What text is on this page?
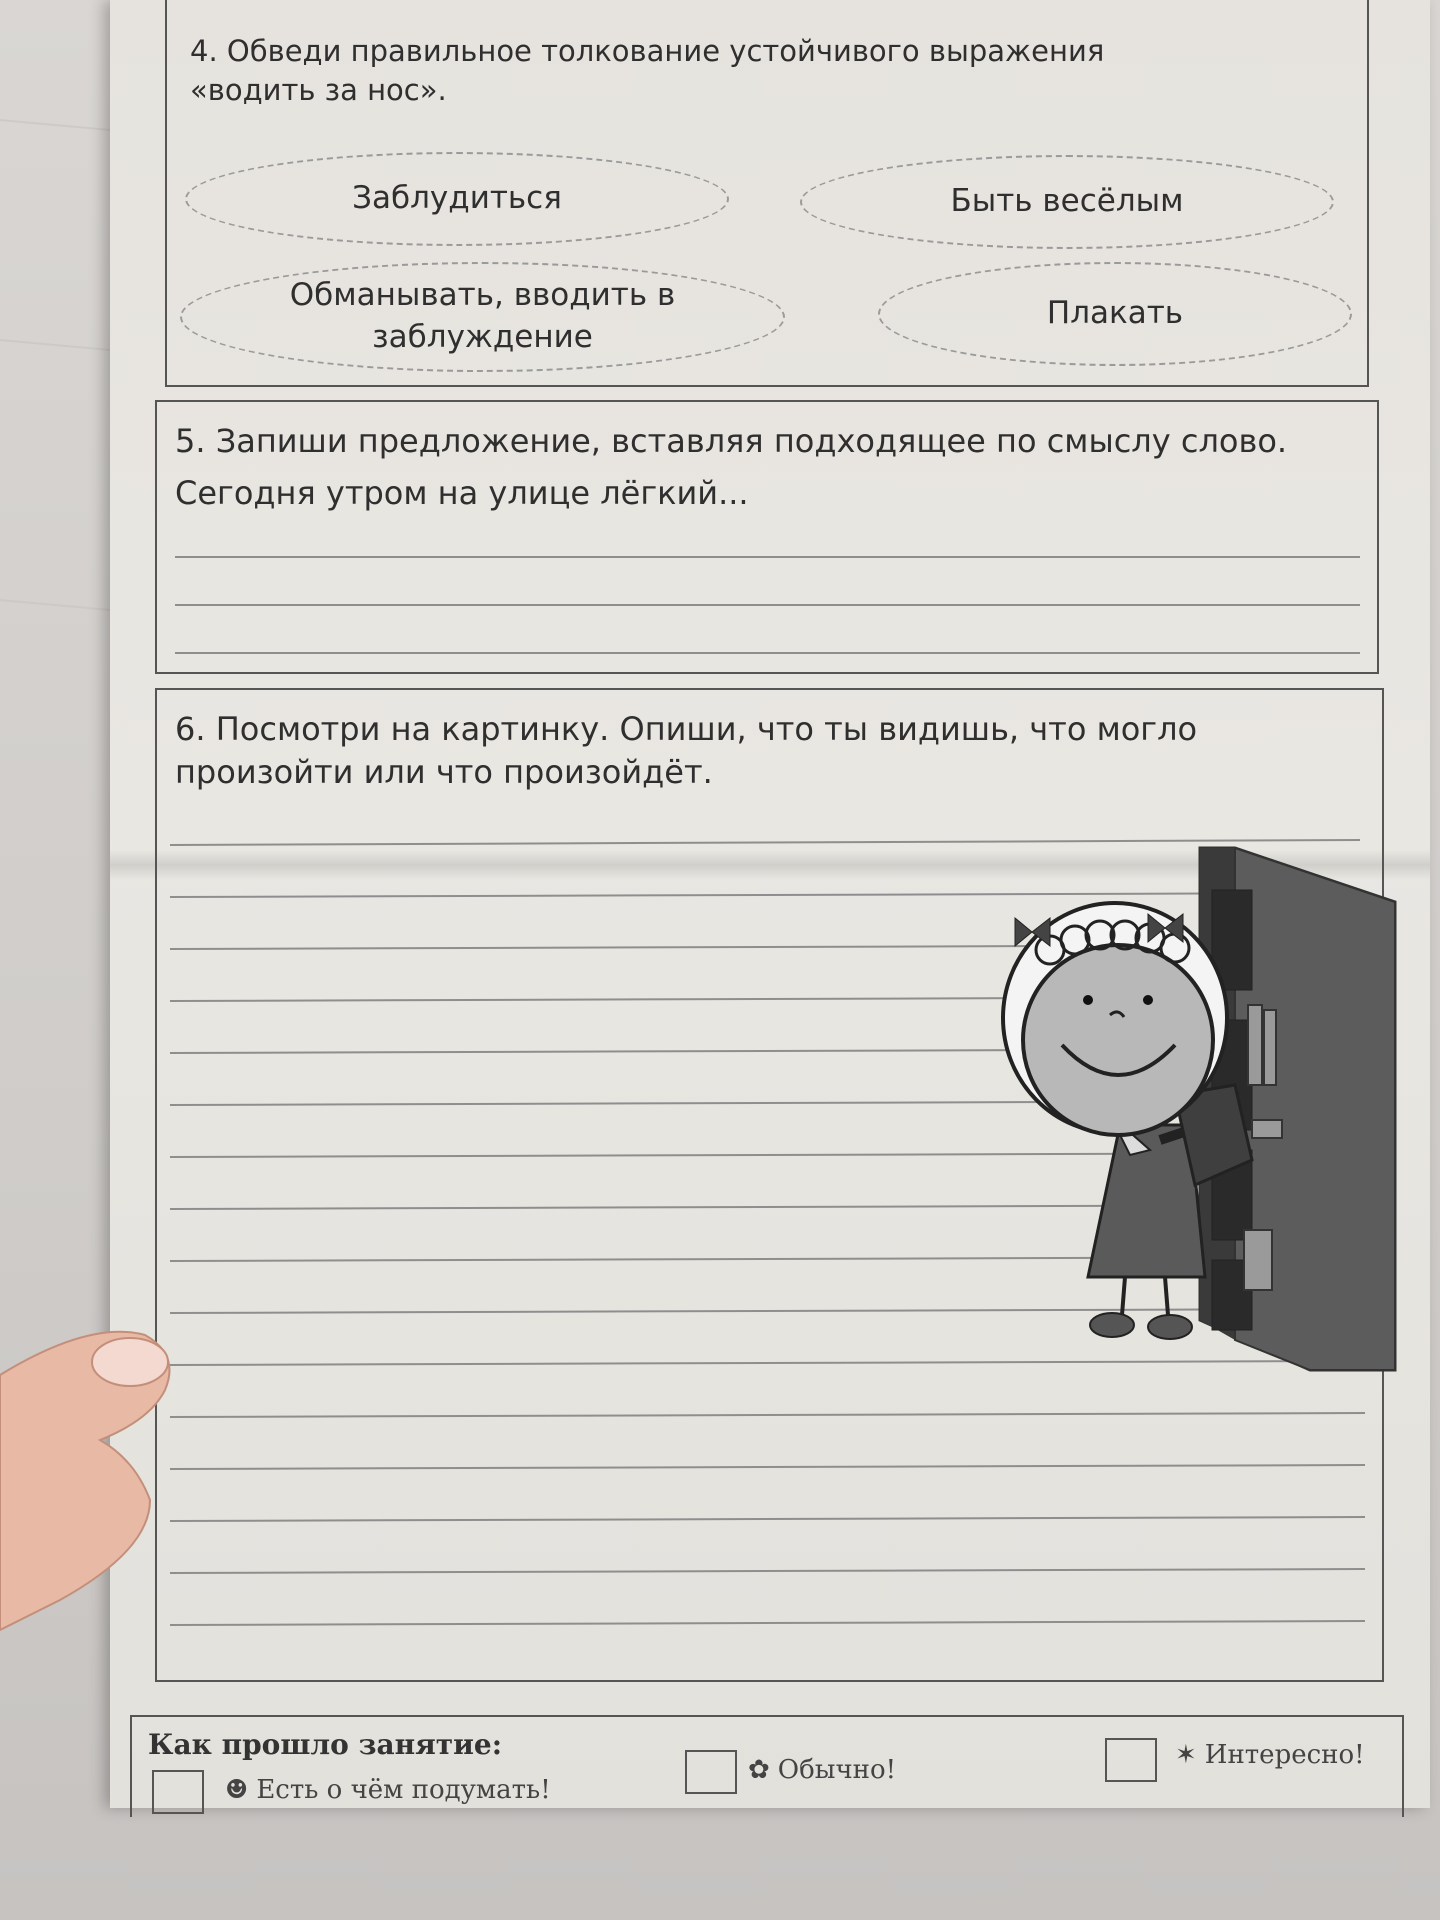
4. Обведи правильное толкование устойчивого выражения «водить за нос».
Заблудиться	Быть весёлым
Обманывать, вводить в заблуждение
Плакать
5. Запиши предложение, вставляя подходящее по смыслу слово.
Сегодня утром на улице лёгкий...
6. Посмотри на картинку. Опиши, что ты видишь, что могло произойти или что произойдёт.
Как прошло занятие:
☻ Есть о чём подумать!
✿ Обычно!	✶ Интересно!
